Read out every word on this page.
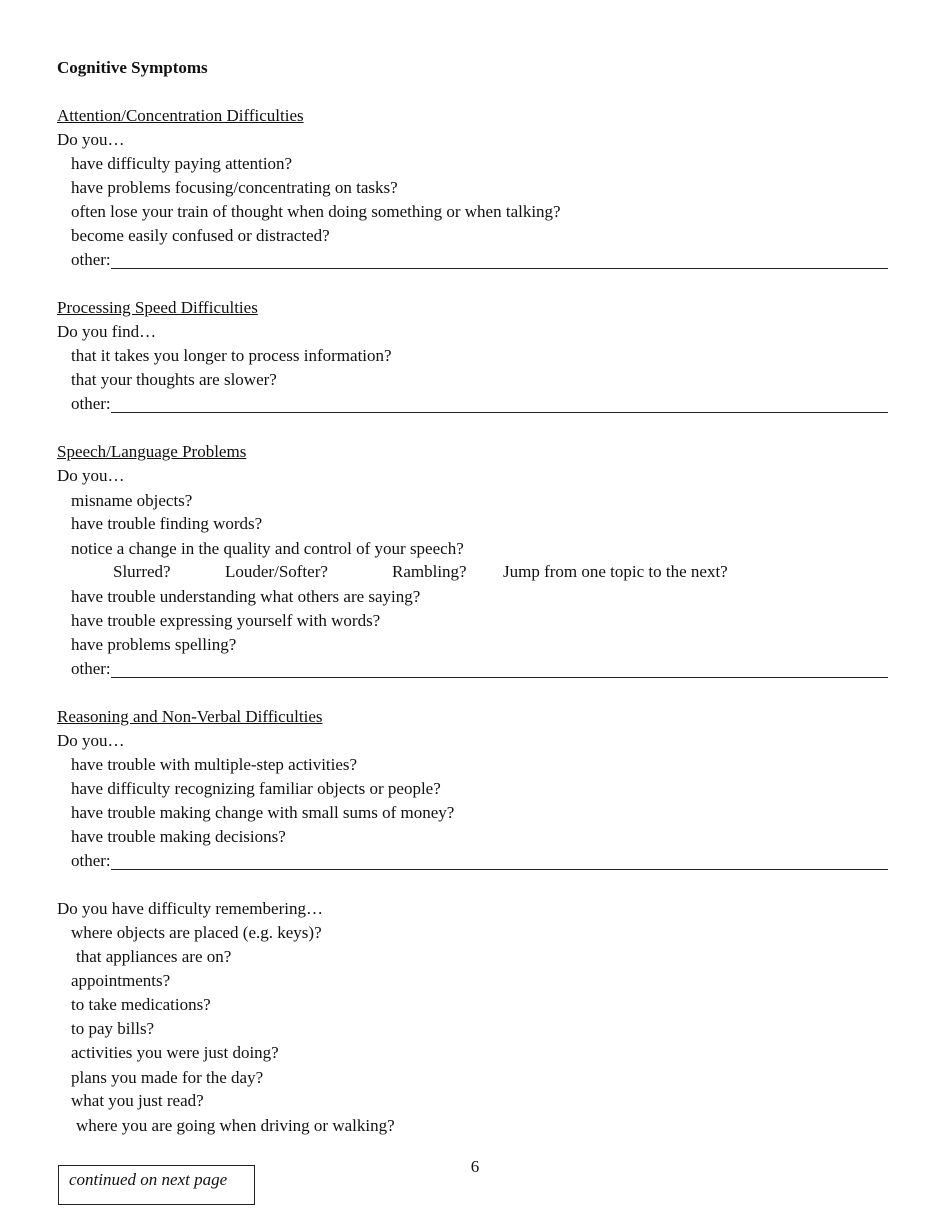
Cognitive Symptoms
Attention/Concentration Difficulties
Do you…
have difficulty paying attention?
have problems focusing/concentrating on tasks?
often lose your train of thought when doing something or when talking?
become easily confused or distracted?
other:
Processing Speed Difficulties
Do you find…
that it takes you longer to process information?
that your thoughts are slower?
other:
Speech/Language Problems
Do you…
misname objects?
have trouble finding words?
notice a change in the quality and control of your speech?
Slurred?	Louder/Softer?	Rambling? Jump from one topic to the next?
have trouble understanding what others are saying?
have trouble expressing yourself with words?
have problems spelling?
other:
Reasoning and Non-Verbal Difficulties
Do you…
have trouble with multiple-step activities?
have difficulty recognizing familiar objects or people?
have trouble making change with small sums of money?
have trouble making decisions?
other:
Do you have difficulty remembering…
where objects are placed (e.g. keys)?
that appliances are on?
appointments?
to take medications?
to pay bills?
activities you were just doing?
plans you made for the day?
what you just read?
where you are going when driving or walking?
6
continued on next page
